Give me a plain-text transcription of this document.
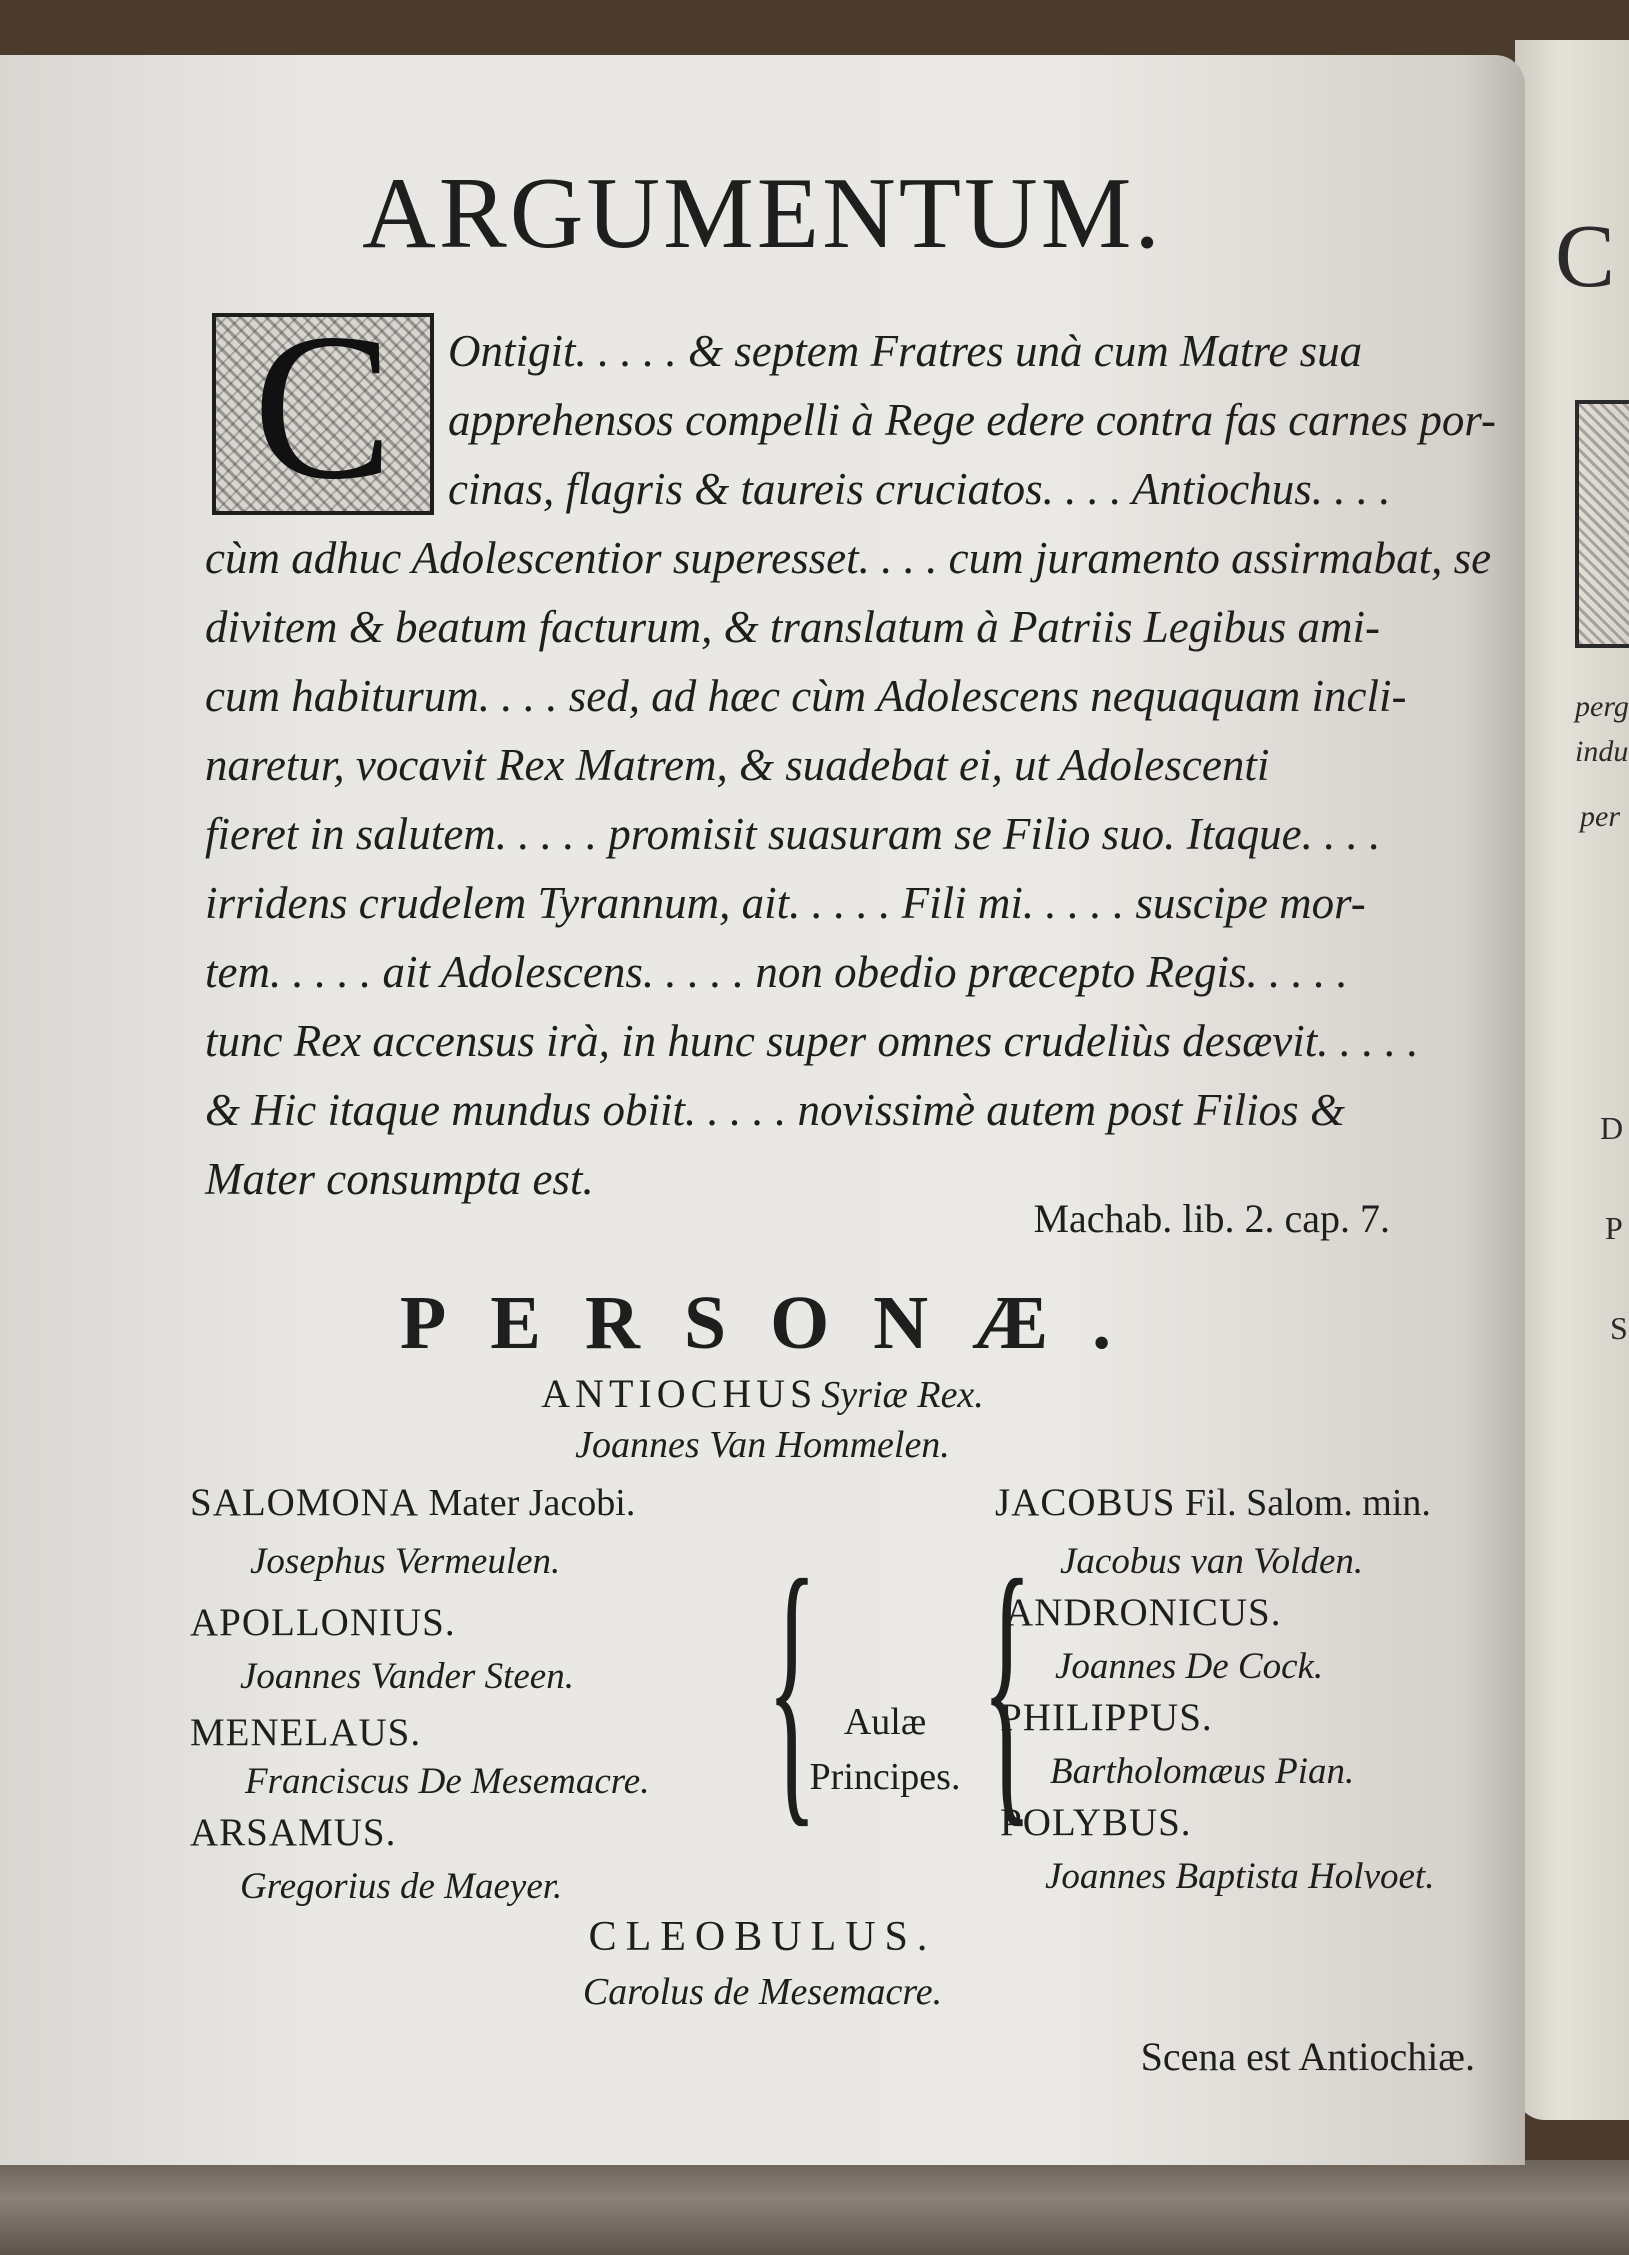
C
perg
indu
per
D
P
S
ARGUMENTUM.
C	Ontigit. . . . . & septem Fratres unà cum Matre sua
apprehensos compelli à Rege edere contra fas carnes por-
cinas, flagris & taureis cruciatos. . . . Antiochus. . . .
cùm adhuc Adolescentior superesset. . . . cum juramento assirmabat, se
divitem & beatum facturum, & translatum à Patriis Legibus ami-
cum habiturum. . . . sed, ad hæc cùm Adolescens nequaquam incli-
naretur, vocavit Rex Matrem, & suadebat ei, ut Adolescenti
fieret in salutem. . . . . promisit suasuram se Filio suo. Itaque. . . .
irridens crudelem Tyrannum, ait. . . . . Fili mi. . . . . suscipe mor-
tem. . . . . ait Adolescens. . . . . non obedio præcepto Regis. . . . .
tunc Rex accensus irà, in hunc super omnes crudeliùs desævit. . . . .
& Hic itaque mundus obiit. . . . . novissimè autem post Filios &
Mater consumpta est.
Machab. lib. 2. cap. 7.
PERSONÆ.
ANTIOCHUS Syriæ Rex.
Joannes Van Hommelen.
SALOMONA Mater Jacobi.
Josephus Vermeulen.
APOLLONIUS.
Joannes Vander Steen.
MENELAUS.
Franciscus De Mesemacre.
ARSAMUS.
Gregorius de Maeyer.
{ {
Aulæ
Principes.
JACOBUS Fil. Salom. min.
Jacobus van Volden.
ANDRONICUS.
Joannes De Cock.
PHILIPPUS.
Bartholomæus Pian.
POLYBUS.
Joannes Baptista Holvoet.
CLEOBULUS.
Carolus de Mesemacre.
Scena est Antiochiæ.
